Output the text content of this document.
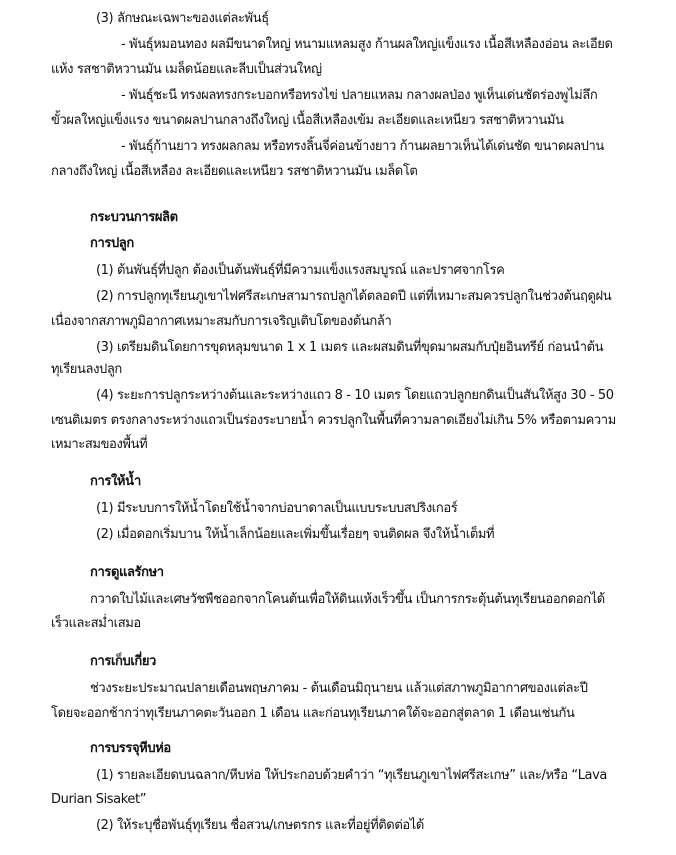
(3) ลักษณะเฉพาะของแต่ละพันธุ์
- พันธุ์หมอนทอง ผลมีขนาดใหญ่ หนามแหลมสูง ก้านผลใหญ่แข็งแรง เนื้อสีเหลืองอ่อน ละเอียด
แห้ง รสชาติหวานมัน เมล็ดน้อยและลีบเป็นส่วนใหญ่
- พันธุ์ชะนี ทรงผลทรงกระบอกหรือทรงไข่ ปลายแหลม กลางผลป่อง พูเห็นเด่นชัดร่องพูไม่ลึก
ขั้วผลใหญ่แข็งแรง ขนาดผลปานกลางถึงใหญ่ เนื้อสีเหลืองเข้ม ละเอียดและเหนียว รสชาติหวานมัน
- พันธุ์ก้านยาว ทรงผลกลม หรือทรงลิ้นจี่ค่อนข้างยาว ก้านผลยาวเห็นได้เด่นชัด ขนาดผลปาน
กลางถึงใหญ่ เนื้อสีเหลือง ละเอียดและเหนียว รสชาติหวานมัน เมล็ดโต
กระบวนการผลิต
การปลูก
(1) ต้นพันธุ์ที่ปลูก ต้องเป็นต้นพันธุ์ที่มีความแข็งแรงสมบูรณ์ และปราศจากโรค
(2) การปลูกทุเรียนภูเขาไฟศรีสะเกษสามารถปลูกได้ตลอดปี แต่ที่เหมาะสมควรปลูกในช่วงต้นฤดูฝน
เนื่องจากสภาพภูมิอากาศเหมาะสมกับการเจริญเติบโตของต้นกล้า
(3) เตรียมดินโดยการขุดหลุมขนาด 1 x 1 เมตร และผสมดินที่ขุดมาผสมกับปุ๋ยอินทรีย์ ก่อนนำต้น
ทุเรียนลงปลูก
(4) ระยะการปลูกระหว่างต้นและระหว่างแถว 8 - 10 เมตร โดยแถวปลูกยกดินเป็นสันให้สูง 30 - 50
เซนติเมตร ตรงกลางระหว่างแถวเป็นร่องระบายน้ำ ควรปลูกในพื้นที่ความลาดเอียงไม่เกิน 5% หรือตามความ
เหมาะสมของพื้นที่
การให้น้ำ
(1) มีระบบการให้น้ำโดยใช้น้ำจากบ่อบาดาลเป็นแบบระบบสปริงเกอร์
(2) เมื่อดอกเริ่มบาน ให้น้ำเล็กน้อยและเพิ่มขึ้นเรื่อยๆ จนติดผล จึงให้น้ำเต็มที่
การดูแลรักษา
กวาดใบไม้และเศษวัชพืชออกจากโคนต้นเพื่อให้ดินแห้งเร็วขึ้น เป็นการกระตุ้นต้นทุเรียนออกดอกได้
เร็วและสม่ำเสมอ
การเก็บเกี่ยว
ช่วงระยะประมาณปลายเดือนพฤษภาคม - ต้นเดือนมิถุนายน แล้วแต่สภาพภูมิอากาศของแต่ละปี
โดยจะออกช้ากว่าทุเรียนภาคตะวันออก 1 เดือน และก่อนทุเรียนภาคใต้จะออกสู่ตลาด 1 เดือนเช่นกัน
การบรรจุหีบห่อ
(1) รายละเอียดบนฉลาก/หีบห่อ ให้ประกอบด้วยคำว่า “ทุเรียนภูเขาไฟศรีสะเกษ” และ/หรือ “Lava
Durian Sisaket”
(2) ให้ระบุชื่อพันธุ์ทุเรียน ชื่อสวน/เกษตรกร และที่อยู่ที่ติดต่อได้
